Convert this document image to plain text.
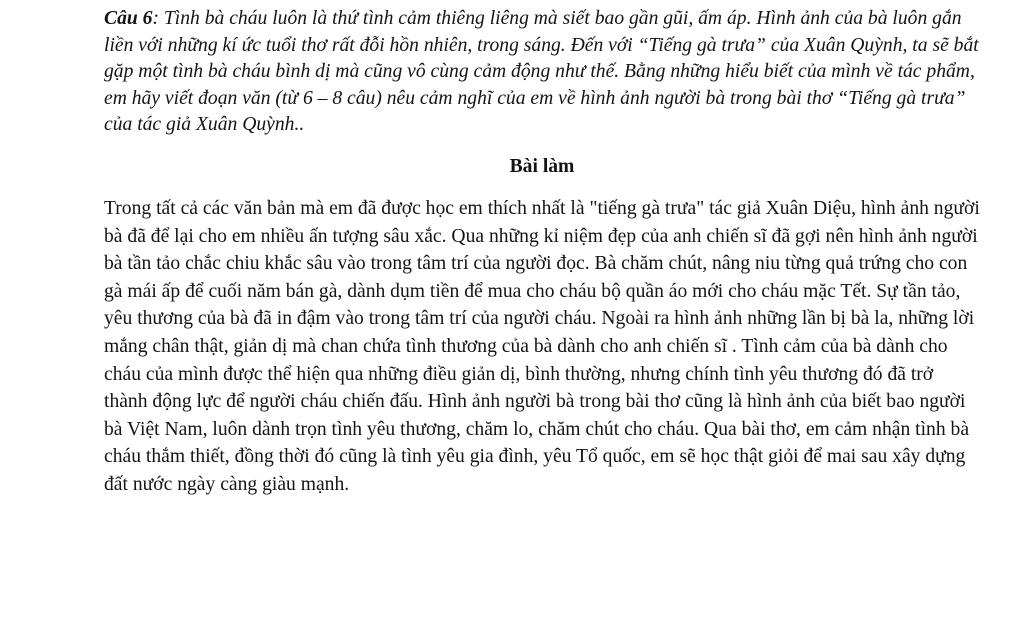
Câu 6: Tình bà cháu luôn là thứ tình cảm thiêng liêng mà siết bao gần gũi, ấm áp. Hình ảnh của bà luôn gắn liền với những kí ức tuổi thơ rất đỗi hồn nhiên, trong sáng. Đến với “Tiếng gà trưa” của Xuân Quỳnh, ta sẽ bắt gặp một tình bà cháu bình dị mà cũng vô cùng cảm động như thế. Bằng những hiểu biết của mình về tác phẩm, em hãy viết đoạn văn (từ 6 – 8 câu) nêu cảm nghĩ của em về hình ảnh người bà trong bài thơ “Tiếng gà trưa” của tác giả Xuân Quỳnh..

Bài làm

Trong tất cả các văn bản mà em đã được học em thích nhất là "tiếng gà trưa" tác giả Xuân Diệu, hình ảnh người bà đã để lại cho em nhiều ấn tượng sâu xắc. Qua những kỉ niệm đẹp của anh chiến sĩ đã gợi nên hình ảnh người bà tần tảo chắc chiu khắc sâu vào trong tâm trí của người đọc. Bà chăm chút, nâng niu từng quả trứng cho con gà mái ấp để cuối năm bán gà, dành dụm tiền để mua cho cháu bộ quần áo mới cho cháu mặc Tết. Sự tần tảo, yêu thương của bà đã in đậm vào trong tâm trí của người cháu. Ngoài ra hình ảnh những lần bị bà la, những lời mắng chân thật, giản dị mà chan chứa tình thương của bà dành cho anh chiến sĩ . Tình cảm của bà dành cho cháu của mình được thể hiện qua những điều giản dị, bình thường, nhưng chính tình yêu thương đó đã trở thành động lực để người cháu chiến đấu. Hình ảnh người bà trong bài thơ cũng là hình ảnh của biết bao người bà Việt Nam, luôn dành trọn tình yêu thương, chăm lo, chăm chút cho cháu. Qua bài thơ, em cảm nhận tình bà cháu thắm thiết, đồng thời đó cũng là tình yêu gia đình, yêu Tổ quốc, em sẽ học thật giỏi để mai sau xây dựng đất nước ngày càng giàu mạnh.
